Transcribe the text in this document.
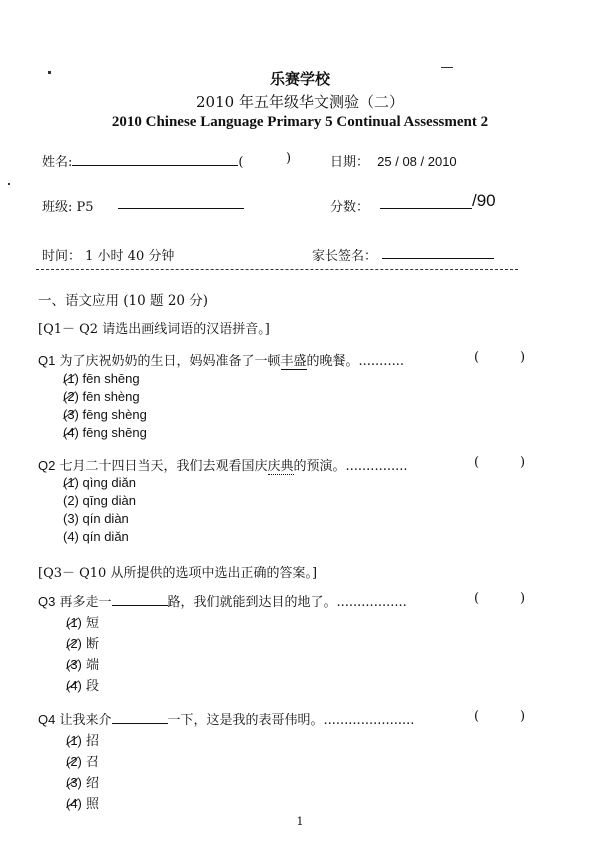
乐赛学校
2010 年五年级华文测验（二）
2010 Chinese Language Primary 5 Continual Assessment 2
姓名:	(	)	日期： 25 / 08 / 2010
班级: P5	分数：	/90
时间： 1 小时 40 分钟	家长签名：
一、语文应用 (10 题 20 分)
[Q1－ Q2 请选出画线词语的汉语拼音。]
Q1 为了庆祝奶奶的生日，妈妈准备了一顿丰盛的晚餐。...........	(	)
(1) fēn shēng
(2) fēn shèng
(3) fēng shèng
(4) fēng shēng
Q2 七月二十四日当天，我们去观看国庆庆典的预演。...............	(	)
(1) qìng diǎn
(2) qīng diàn
(3) qín diàn
(4) qín diǎn
[Q3－ Q10 从所提供的选项中选出正确的答案。]
Q3 再多走一	路，我们就能到达目的地了。.................	(	)
(1) 短
(2) 断
(3) 端
(4) 段
Q4 让我来介	一下，这是我的表哥伟明。......................	(	)
(1) 招
(2) 召
(3) 绍
(4) 照
1
